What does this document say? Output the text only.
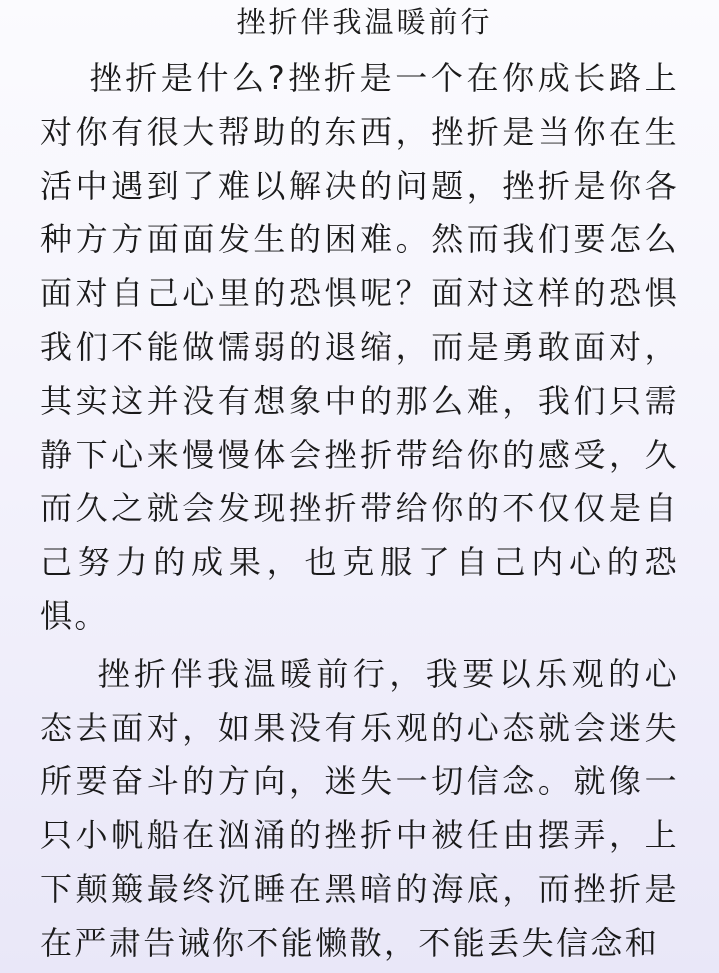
挫折伴我温暖前行

挫折是什么?挫折是一个在你成长路上对你有很大帮助的东西，挫折是当你在生活中遇到了难以解决的问题，挫折是你各种方方面面发生的困难。然而我们要怎么面对自己心里的恐惧呢？面对这样的恐惧我们不能做懦弱的退缩，而是勇敢面对，其实这并没有想象中的那么难，我们只需静下心来慢慢体会挫折带给你的感受，久而久之就会发现挫折带给你的不仅仅是自己努力的成果，也克服了自己内心的恐惧。

挫折伴我温暖前行，我要以乐观的心态去面对，如果没有乐观的心态就会迷失所要奋斗的方向，迷失一切信念。就像一只小帆船在汹涌的挫折中被任由摆弄，上下颠簸最终沉睡在黑暗的海底，而挫折是在严肃告诫你不能懒散，不能丢失信念和
